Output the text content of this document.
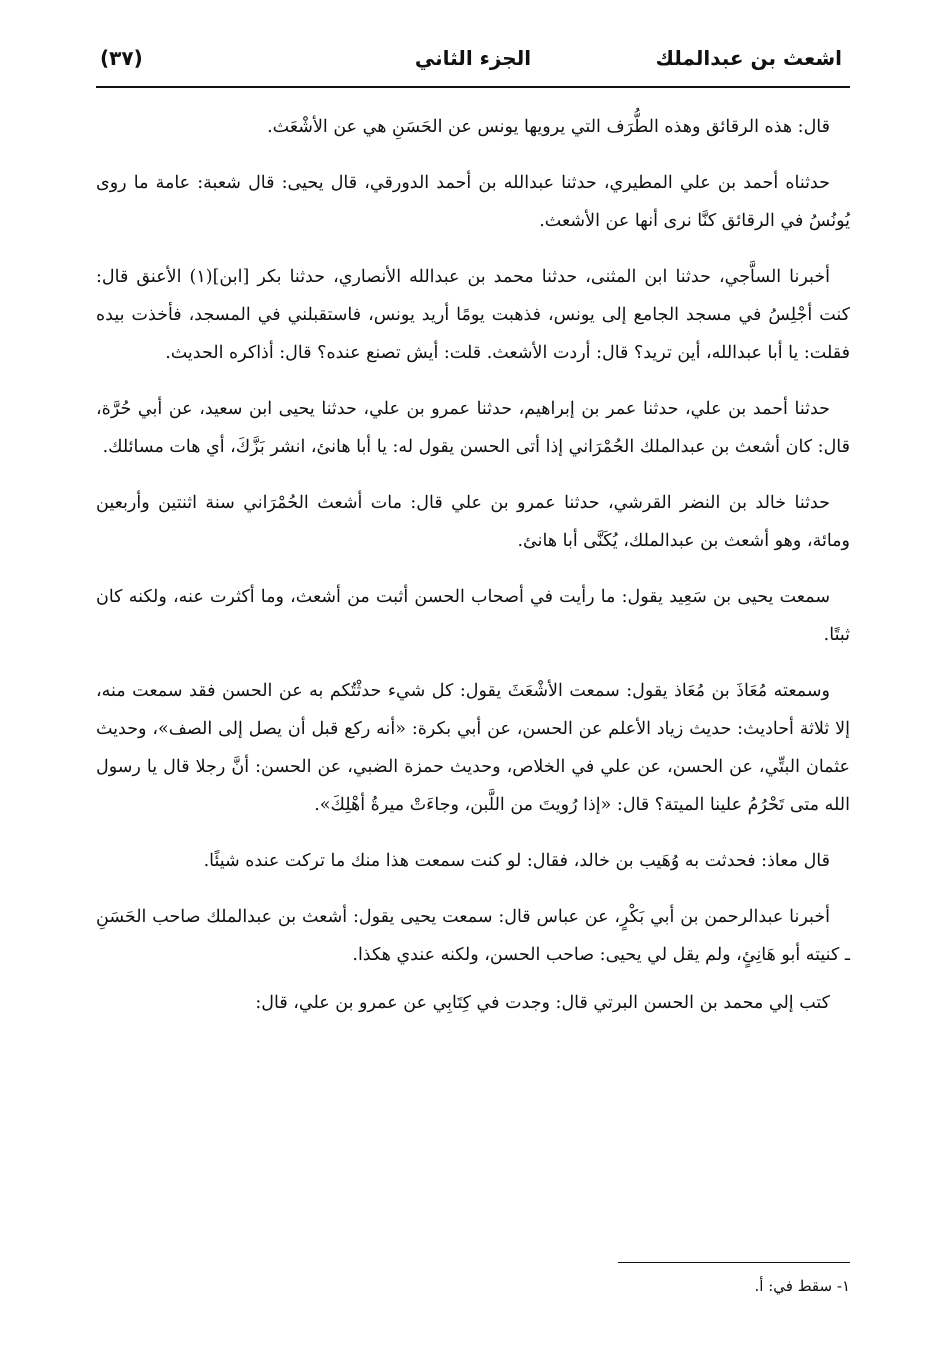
اشعث بن عبدالملك
الجزء الثاني
(٣٧)

قال: هذه الرقائق وهذه الطُّرَف التي يرويها يونس عن الحَسَنِ هي عن الأشْعَث.

حدثناه أحمد بن علي المطيري، حدثنا عبدالله بن أحمد الدورقي، قال يحيى: قال شعبة: عامة ما روى يُونُسُ في الرقائق كنَّا نرى أنها عن الأشعث.

أخبرنا الساَّجي، حدثنا ابن المثنى، حدثنا محمد بن عبدالله الأنصاري، حدثنا بكر [ابن](١) الأعنق قال: كنت أجْلِسُ في مسجد الجامع إلى يونس، فذهبت يومًا أريد يونس، فاستقبلني في المسجد، فأخذت بيده فقلت: يا أبا عبدالله، أين تريد؟ قال: أردت الأشعث. قلت: أيش تصنع عنده؟ قال: أذاكره الحديث.

حدثنا أحمد بن علي، حدثنا عمر بن إبراهيم، حدثنا عمرو بن علي، حدثنا يحيى ابن سعيد، عن أبي حُرَّة، قال: كان أشعث بن عبدالملك الحُمْرَاني إذا أتى الحسن يقول له: يا أبا هانئ، انشر بَزَّكَ، أي هات مسائلك.

حدثنا خالد بن النضر القرشي، حدثنا عمرو بن علي قال: مات أشعث الحُمْرَاني سنة اثنتين وأربعين ومائة، وهو أشعث بن عبدالملك، يُكَنَّى أبا هانئ.

سمعت يحيى بن سَعِيد يقول: ما رأيت في أصحاب الحسن أثبت من أشعث، وما أكثرت عنه، ولكنه كان ثبتًا.

وسمعته مُعَاذَ بن مُعَاذ يقول: سمعت الأشْعَثَ يقول: كل شيء حدثْتُكم به عن الحسن فقد سمعت منه، إلا ثلاثة أحاديث: حديث زياد الأعلم عن الحسن، عن أبي بكرة: «أنه ركع قبل أن يصل إلى الصف»، وحديث عثمان البتِّي، عن الحسن، عن علي في الخلاص، وحديث حمزة الضبي، عن الحسن: أنَّ رجلا قال يا رسول الله متى تَحْرُمُ علينا الميتة؟ قال: «إذا رُويتَ من اللَّبن، وجاءَتْ ميرةُ أهْلِكَ».

قال معاذ: فحدثت به وُهَيب بن خالد، فقال: لو كنت سمعت هذا منك ما تركت عنده شيئًا.

أخبرنا عبدالرحمن بن أبي بَكْرٍ، عن عباس قال: سمعت يحيى يقول: أشعث بن عبدالملك صاحب الحَسَنِ ـ كنيته أبو هَانِئٍ، ولم يقل لي يحيى: صاحب الحسن، ولكنه عندي هكذا.

كتب إلي محمد بن الحسن البرتي قال: وجدت في كِتَابِي عن عمرو بن علي، قال:

١- سقط في: أ.
